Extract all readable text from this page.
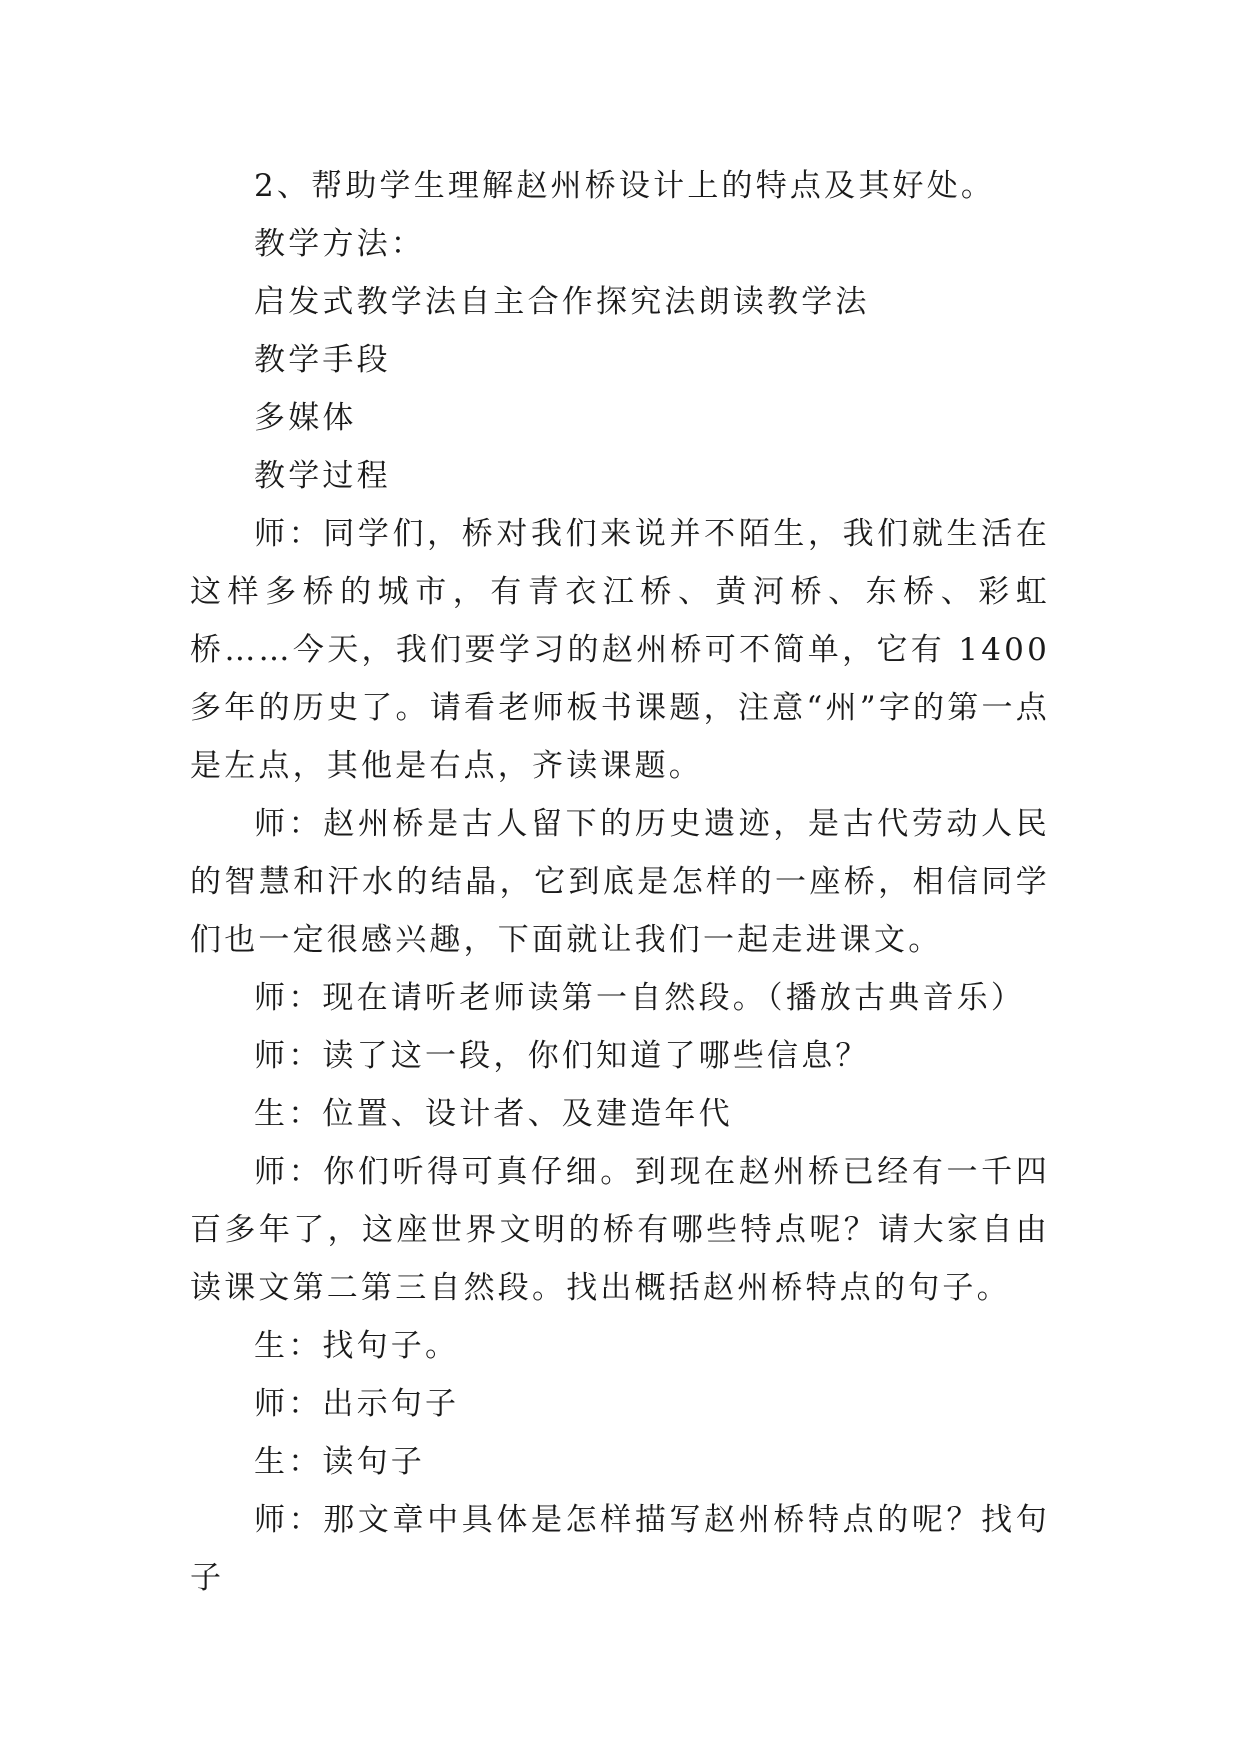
2、帮助学生理解赵州桥设计上的特点及其好处。

教学方法：

启发式教学法自主合作探究法朗读教学法

教学手段

多媒体

教学过程

师：同学们，桥对我们来说并不陌生，我们就生活在这样多桥的城市，有青衣江桥、黄河桥、东桥、彩虹桥……今天，我们要学习的赵州桥可不简单，它有 1400 多年的历史了。请看老师板书课题，注意“州”字的第一点是左点，其他是右点，齐读课题。

师：赵州桥是古人留下的历史遗迹，是古代劳动人民的智慧和汗水的结晶，它到底是怎样的一座桥，相信同学们也一定很感兴趣，下面就让我们一起走进课文。

师：现在请听老师读第一自然段。（播放古典音乐）

师：读了这一段，你们知道了哪些信息？

生：位置、设计者、及建造年代

师：你们听得可真仔细。到现在赵州桥已经有一千四百多年了，这座世界文明的桥有哪些特点呢？请大家自由读课文第二第三自然段。找出概括赵州桥特点的句子。

生：找句子。

师：出示句子

生：读句子

师：那文章中具体是怎样描写赵州桥特点的呢？找句子
